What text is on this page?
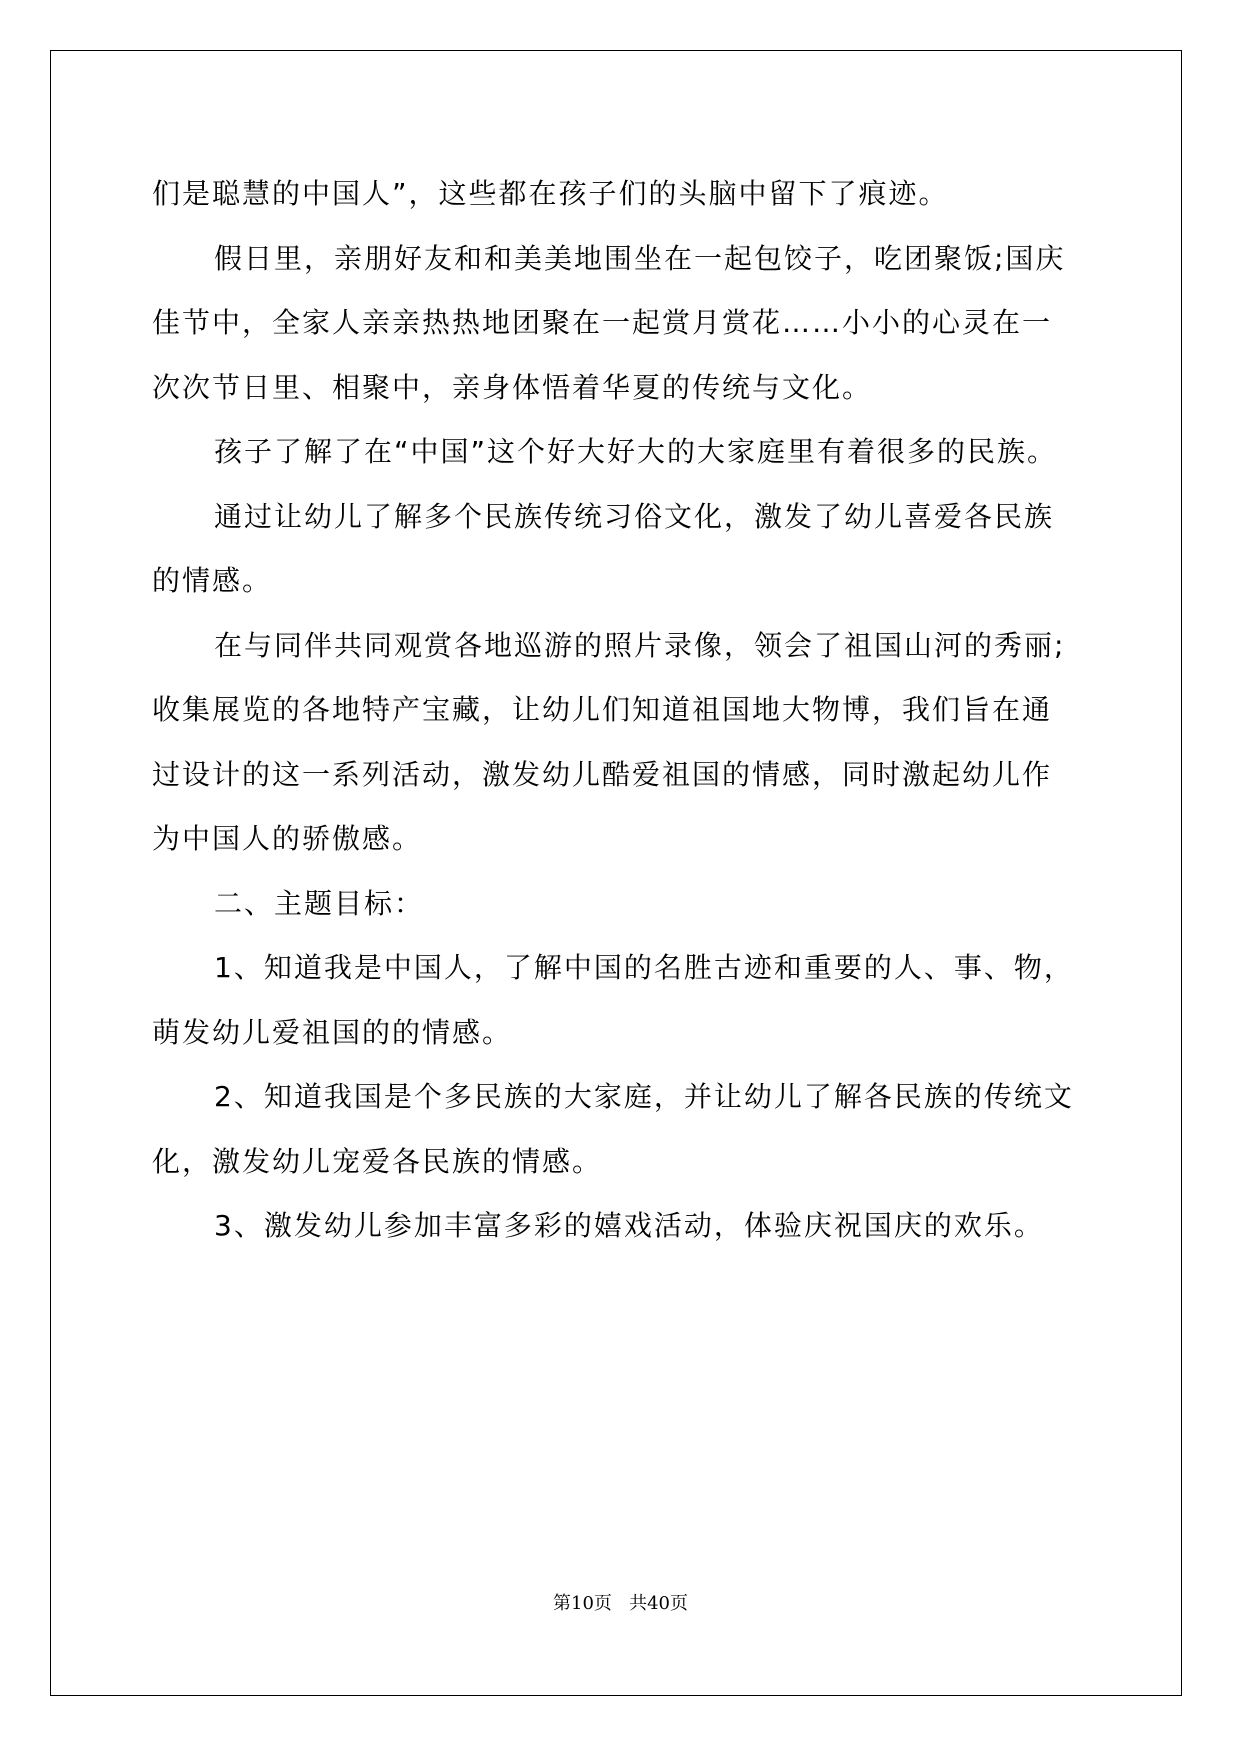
们是聪慧的中国人”，这些都在孩子们的头脑中留下了痕迹。

假日里，亲朋好友和和美美地围坐在一起包饺子，吃团聚饭;国庆

佳节中，全家人亲亲热热地团聚在一起赏月赏花……小小的心灵在一

次次节日里、相聚中，亲身体悟着华夏的传统与文化。

孩子了解了在“中国”这个好大好大的大家庭里有着很多的民族。

通过让幼儿了解多个民族传统习俗文化，激发了幼儿喜爱各民族

的情感。

在与同伴共同观赏各地巡游的照片录像，领会了祖国山河的秀丽;

收集展览的各地特产宝藏，让幼儿们知道祖国地大物博，我们旨在通

过设计的这一系列活动，激发幼儿酷爱祖国的情感，同时激起幼儿作

为中国人的骄傲感。

二、主题目标：

1、知道我是中国人，了解中国的名胜古迹和重要的人、事、物，

萌发幼儿爱祖国的的情感。

2、知道我国是个多民族的大家庭，并让幼儿了解各民族的传统文

化，激发幼儿宠爱各民族的情感。

3、激发幼儿参加丰富多彩的嬉戏活动，体验庆祝国庆的欢乐。

第10页 共40页
